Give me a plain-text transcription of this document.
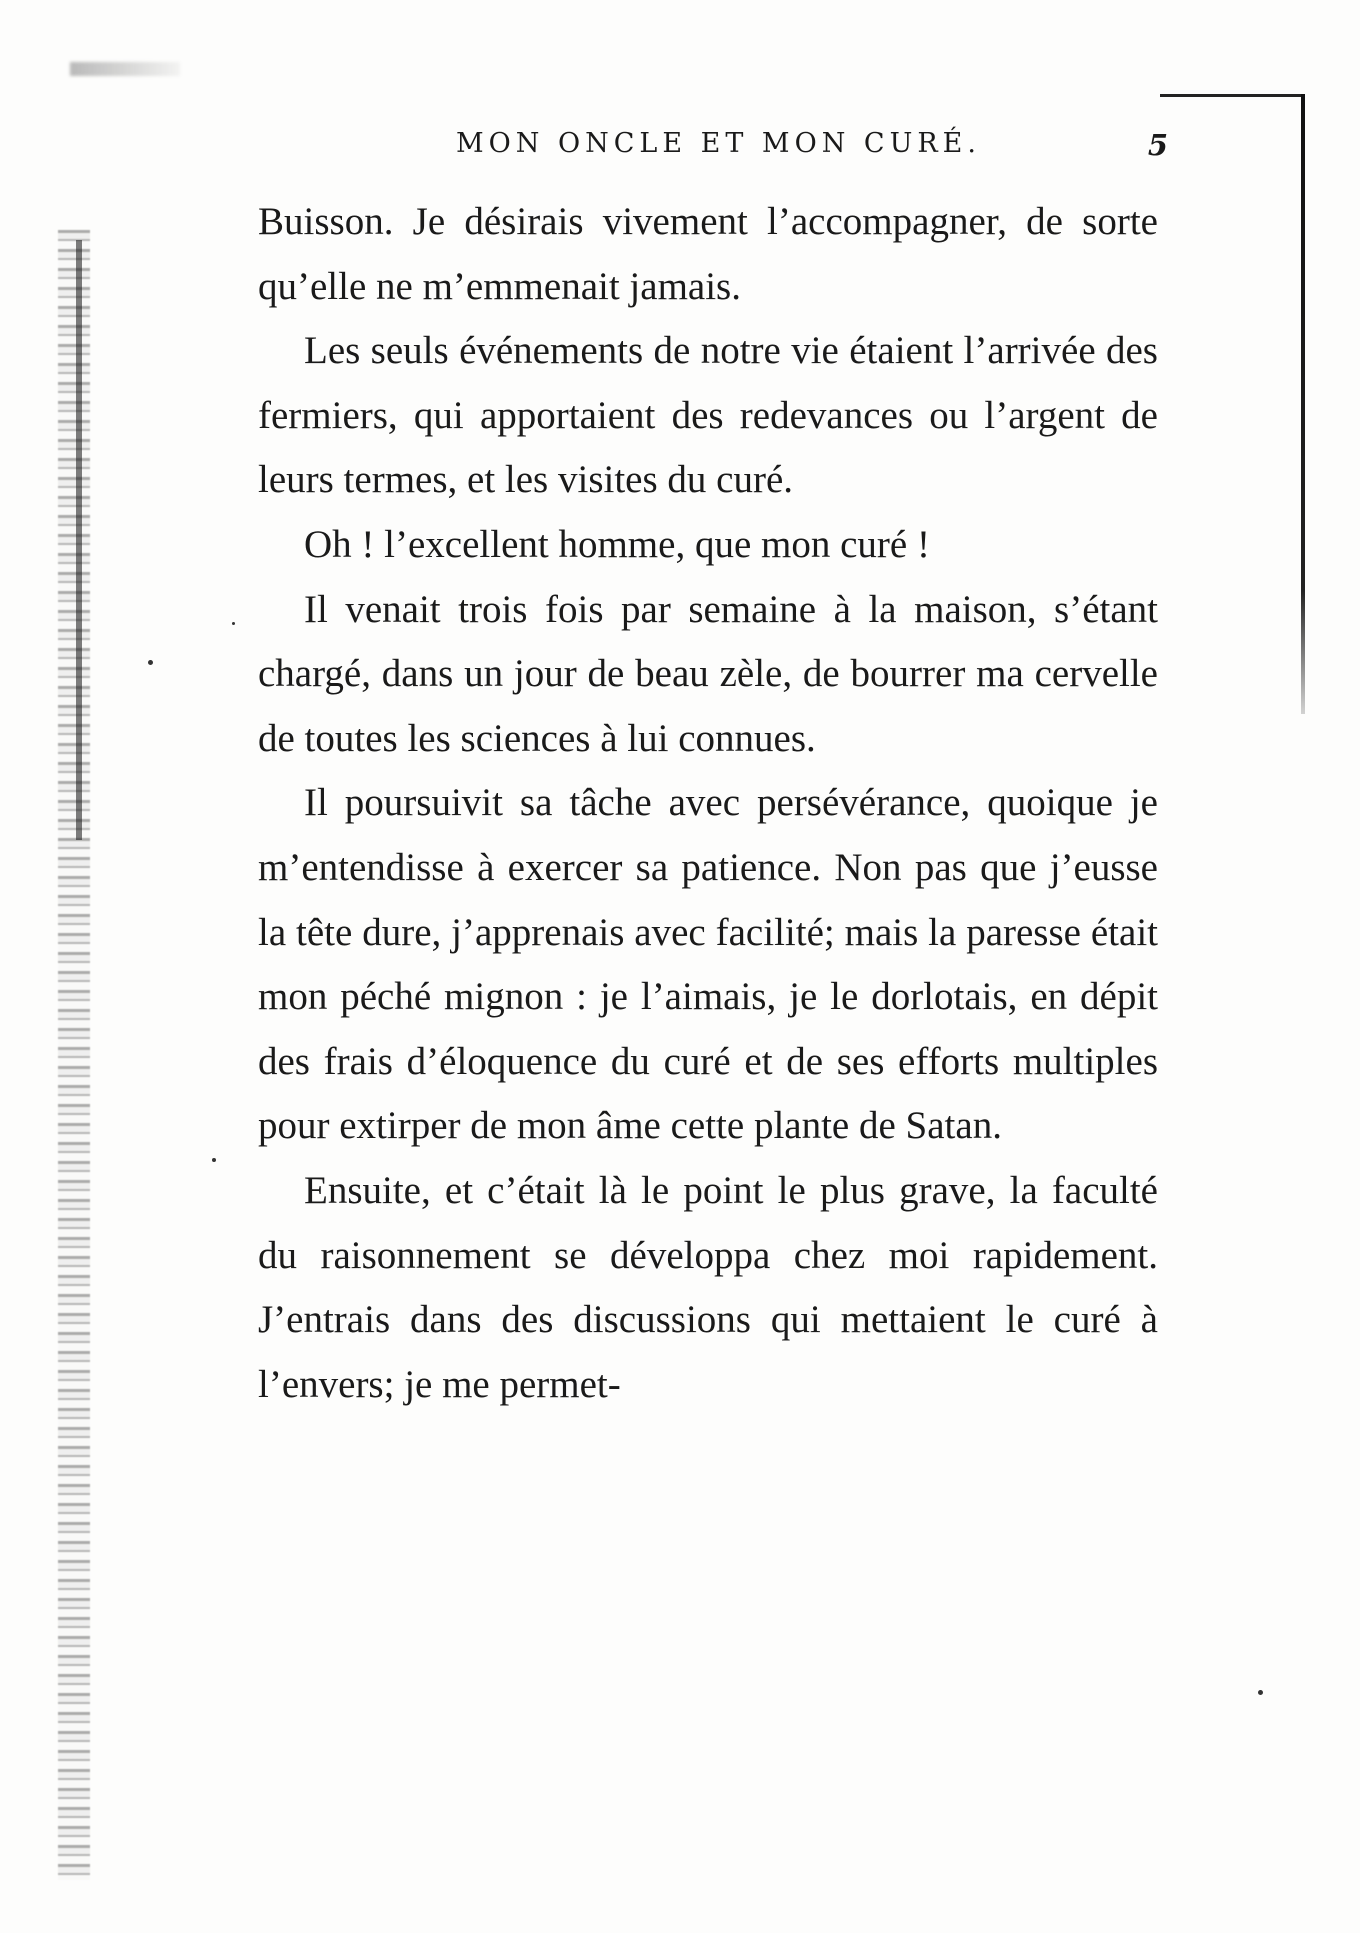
MON ONCLE ET MON CURÉ.	5

Buisson. Je désirais vivement l’accompagner, de sorte qu’elle ne m’emmenait jamais.

Les seuls événements de notre vie étaient l’arrivée des fermiers, qui apportaient des redevances ou l’argent de leurs termes, et les visites du curé.

Oh ! l’excellent homme, que mon curé !

Il venait trois fois par semaine à la maison, s’étant chargé, dans un jour de beau zèle, de bourrer ma cervelle de toutes les sciences à lui connues.

Il poursuivit sa tâche avec persévérance, quoique je m’entendisse à exercer sa patience. Non pas que j’eusse la tête dure, j’apprenais avec facilité; mais la paresse était mon péché mignon : je l’aimais, je le dorlotais, en dépit des frais d’éloquence du curé et de ses efforts multiples pour extirper de mon âme cette plante de Satan.

Ensuite, et c’était là le point le plus grave, la faculté du raisonnement se développa chez moi rapidement. J’entrais dans des discussions qui mettaient le curé à l’envers; je me permet-
